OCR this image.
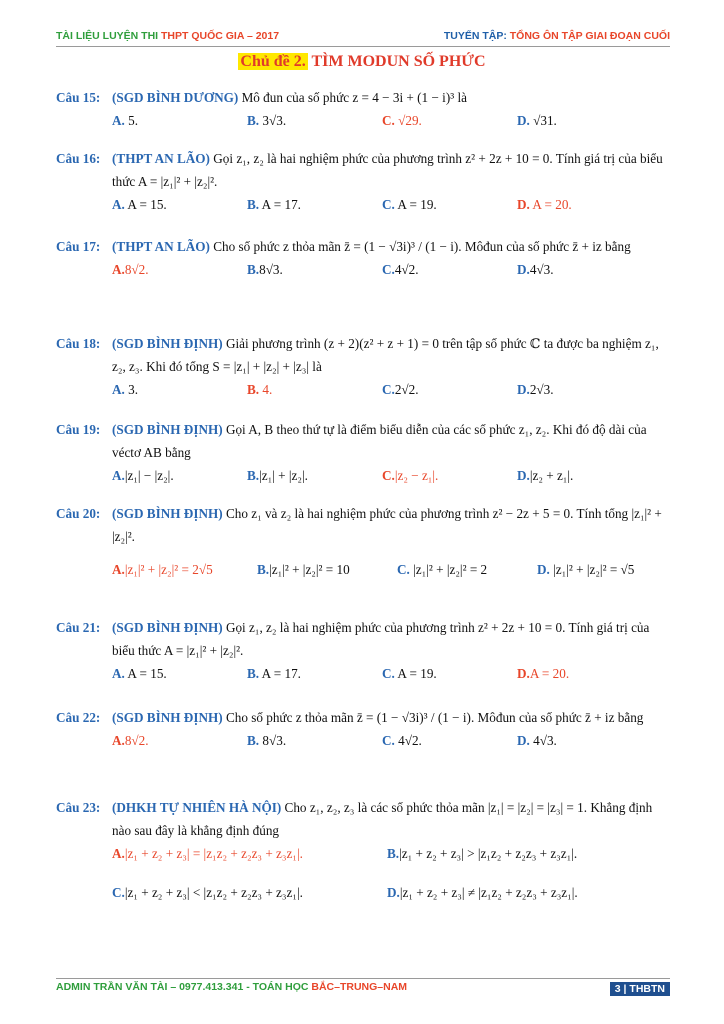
TÀI LIỆU LUYỆN THI THPT QUỐC GIA – 2017	TUYỂN TẬP: TỔNG ÔN TẬP GIAI ĐOẠN CUỐI
Chủ đề 2. TÌM MODUN SỐ PHỨC
Câu 15: (SGD BÌNH DƯƠNG) Mô đun của số phức z = 4 − 3i + (1 − i)³ là
A. 5.	B. 3√3.	C. √29.	D. √31.
Câu 16: (THPT AN LÃO) Gọi z₁, z₂ là hai nghiệm phức của phương trình z² + 2z + 10 = 0. Tính giá trị của biểu thức A = |z₁|² + |z₂|².
A. A = 15.	B. A = 17.	C. A = 19.	D. A = 20.
Câu 17: (THPT AN LÃO) Cho số phức z thỏa mãn z̄ = (1 − √3i)³ / (1 − i). Môđun của số phức z̄ + iz bằng
A.8√2.	B.8√3.	C.4√2.	D.4√3.
Câu 18: (SGD BÌNH ĐỊNH) Giải phương trình (z + 2)(z² + z + 1) = 0 trên tập số phức ℂ ta được ba nghiệm z₁, z₂, z₃. Khi đó tổng S = |z₁| + |z₂| + |z₃| là
A. 3.	B. 4.	C.2√2.	D.2√3.
Câu 19: (SGD BÌNH ĐỊNH) Gọi A, B theo thứ tự là điểm biểu diễn của các số phức z₁, z₂. Khi đó độ dài của véctơ AB bằng
A.|z₁| − |z₂|.	B.|z₁| + |z₂|.	C.|z₂ − z₁|.	D.|z₂ + z₁|.
Câu 20: (SGD BÌNH ĐỊNH) Cho z₁ và z₂ là hai nghiệm phức của phương trình z² − 2z + 5 = 0. Tính tổng |z₁|² + |z₂|².
A.|z₁|² + |z₂|² = 2√5	B.|z₁|² + |z₂|² = 10	C. |z₁|² + |z₂|² = 2	D. |z₁|² + |z₂|² = √5
Câu 21: (SGD BÌNH ĐỊNH) Gọi z₁, z₂ là hai nghiệm phức của phương trình z² + 2z + 10 = 0. Tính giá trị của biểu thức A = |z₁|² + |z₂|².
A. A = 15.	B. A = 17.	C. A = 19.	D.A = 20.
Câu 22: (SGD BÌNH ĐỊNH) Cho số phức z thỏa mãn z̄ = (1 − √3i)³ / (1 − i). Môđun của số phức z̄ + iz bằng
A.8√2.	B. 8√3.	C. 4√2.	D. 4√3.
Câu 23: (DHKH TỰ NHIÊN HÀ NỘI) Cho z₁, z₂, z₃ là các số phức thỏa mãn |z₁| = |z₂| = |z₃| = 1. Khẳng định nào sau đây là khẳng định đúng
A.|z₁ + z₂ + z₃| = |z₁z₂ + z₂z₃ + z₃z₁|.	B.|z₁ + z₂ + z₃| > |z₁z₂ + z₂z₃ + z₃z₁|.
C.|z₁ + z₂ + z₃| < |z₁z₂ + z₂z₃ + z₃z₁|.	D.|z₁ + z₂ + z₃| ≠ |z₁z₂ + z₂z₃ + z₃z₁|.
ADMIN TRẦN VĂN TÀI – 0977.413.341 - TOÁN HỌC BẮC–TRUNG–NAM	3 | THBTN
